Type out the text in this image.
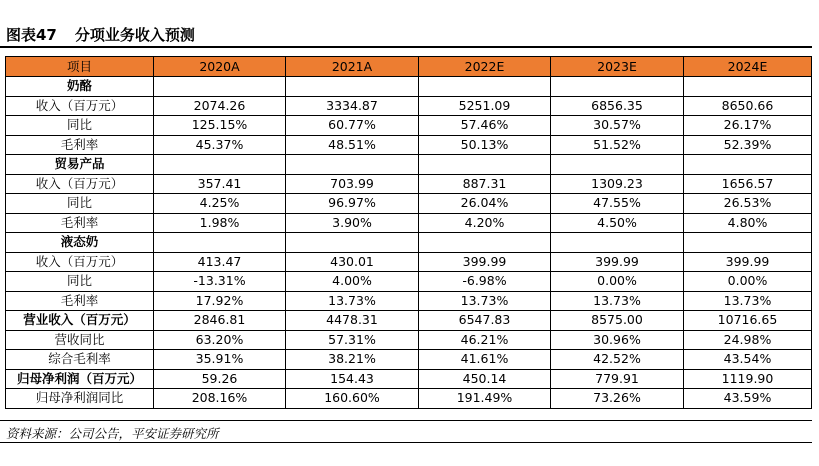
图表47 分项业务收入预测
项目	2020A	2021A	2022E	2023E	2024E
奶酪					
收入（百万元）	2074.26	3334.87	5251.09	6856.35	8650.66
同比	125.15%	60.77%	57.46%	30.57%	26.17%
毛利率	45.37%	48.51%	50.13%	51.52%	52.39%
贸易产品					
收入（百万元）	357.41	703.99	887.31	1309.23	1656.57
同比	4.25%	96.97%	26.04%	47.55%	26.53%
毛利率	1.98%	3.90%	4.20%	4.50%	4.80%
液态奶					
收入（百万元）	413.47	430.01	399.99	399.99	399.99
同比	-13.31%	4.00%	-6.98%	0.00%	0.00%
毛利率	17.92%	13.73%	13.73%	13.73%	13.73%
营业收入（百万元）	2846.81	4478.31	6547.83	8575.00	10716.65
营收同比	63.20%	57.31%	46.21%	30.96%	24.98%
综合毛利率	35.91%	38.21%	41.61%	42.52%	43.54%
归母净利润（百万元）	59.26	154.43	450.14	779.91	1119.90
归母净利润同比	208.16%	160.60%	191.49%	73.26%	43.59%
资料来源：公司公告，平安证券研究所
